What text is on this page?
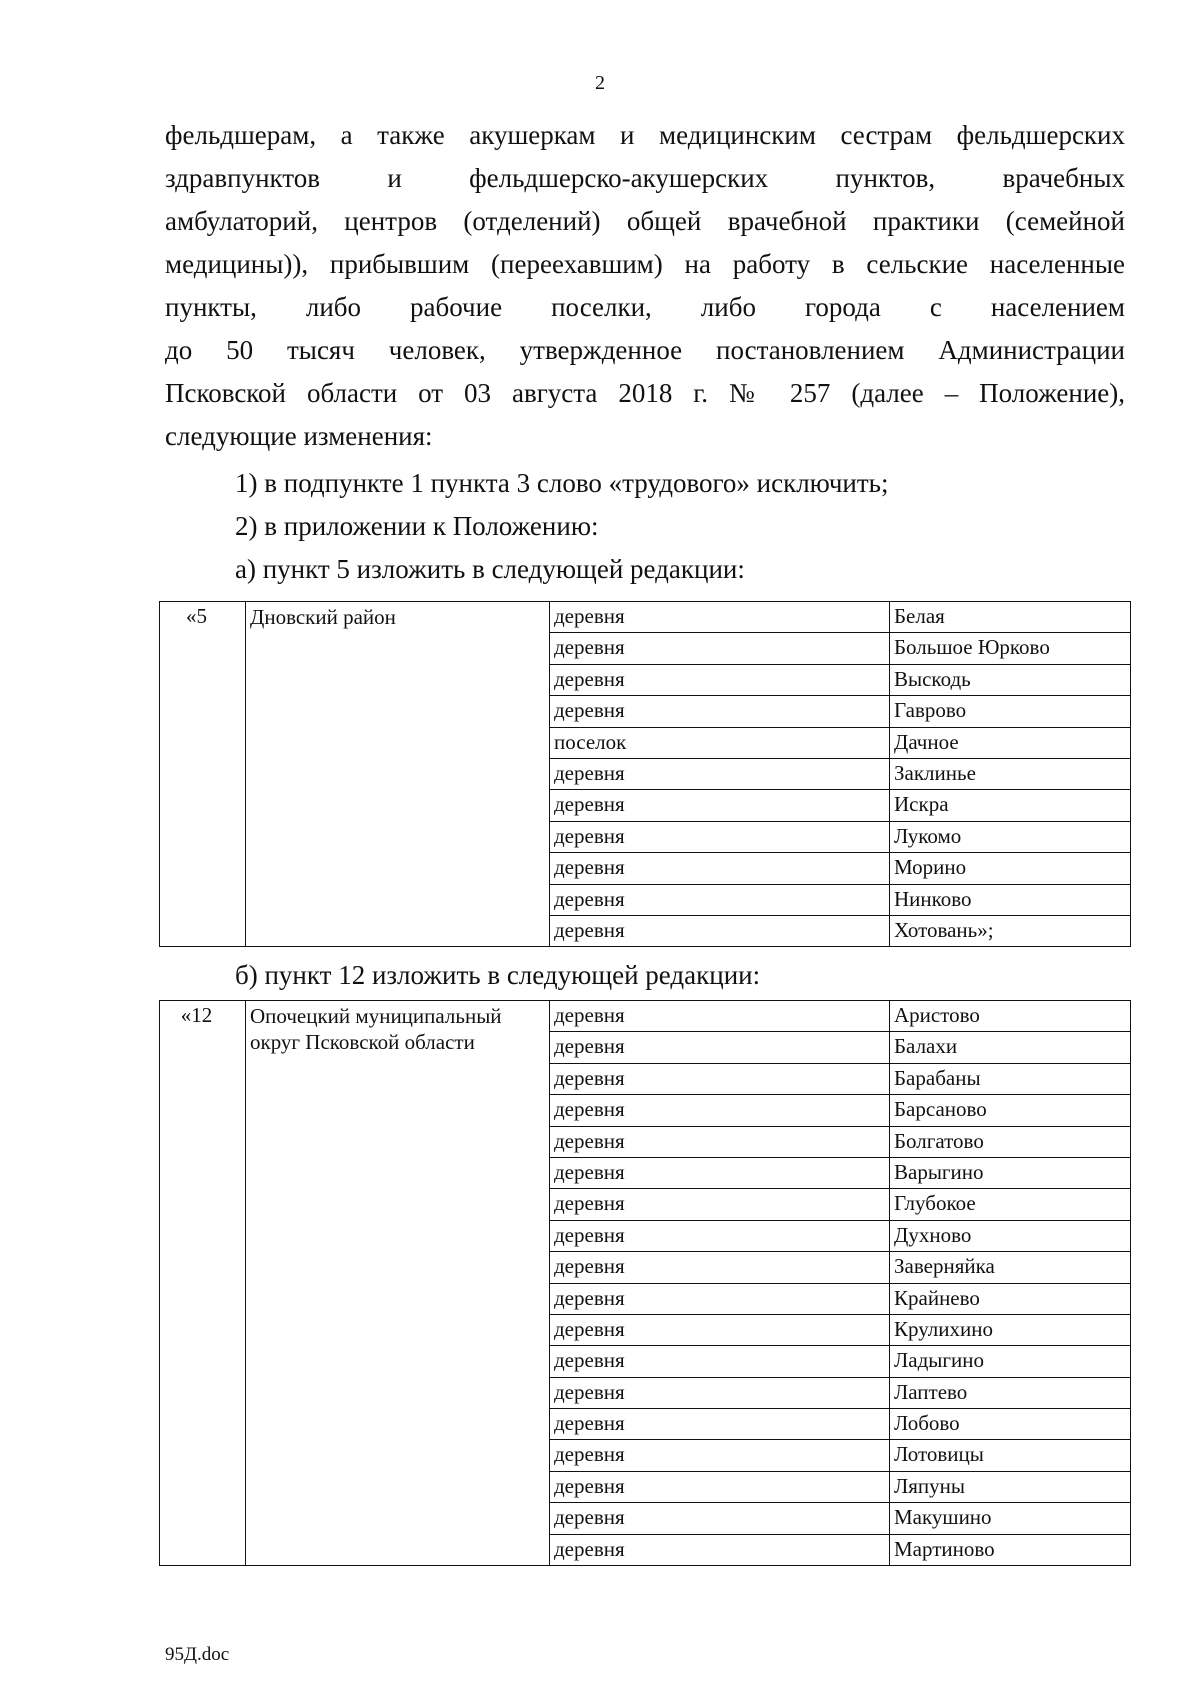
2

фельдшерам, а также акушеркам и медицинским сестрам фельдшерских

здравпунктов и фельдшерско-акушерских пунктов, врачебных

амбулаторий, центров (отделений) общей врачебной практики (семейной

медицины)), прибывшим (переехавшим) на работу в сельские населенные

пункты, либо рабочие поселки, либо города с населением

до 50 тысяч человек, утвержденное постановлением Администрации

Псковской области от 03 августа 2018 г. № 257 (далее – Положение),

следующие изменения:

1) в подпункте 1 пункта 3 слово «трудового» исключить;
2) в приложении к Положению:
а) пункт 5 изложить в следующей редакции:
«5	Дновский район	деревня	Белая
		деревня	Большое Юрково
		деревня	Выскодь
		деревня	Гаврово
		поселок	Дачное
		деревня	Заклинье
		деревня	Искра
		деревня	Лукомо
		деревня	Морино
		деревня	Нинково
		деревня	Хотовань»;
б) пункт 12 изложить в следующей редакции:
«12	Опочецкий муниципальный
округ Псковской области	деревня	Аристово
		деревня	Балахи
		деревня	Барабаны
		деревня	Барсаново
		деревня	Болгатово
		деревня	Варыгино
		деревня	Глубокое
		деревня	Духново
		деревня	Заверняйка
		деревня	Крайнево
		деревня	Крулихино
		деревня	Ладыгино
		деревня	Лаптево
		деревня	Лобово
		деревня	Лотовицы
		деревня	Ляпуны
		деревня	Макушино
		деревня	Мартиново
95Д.doc
